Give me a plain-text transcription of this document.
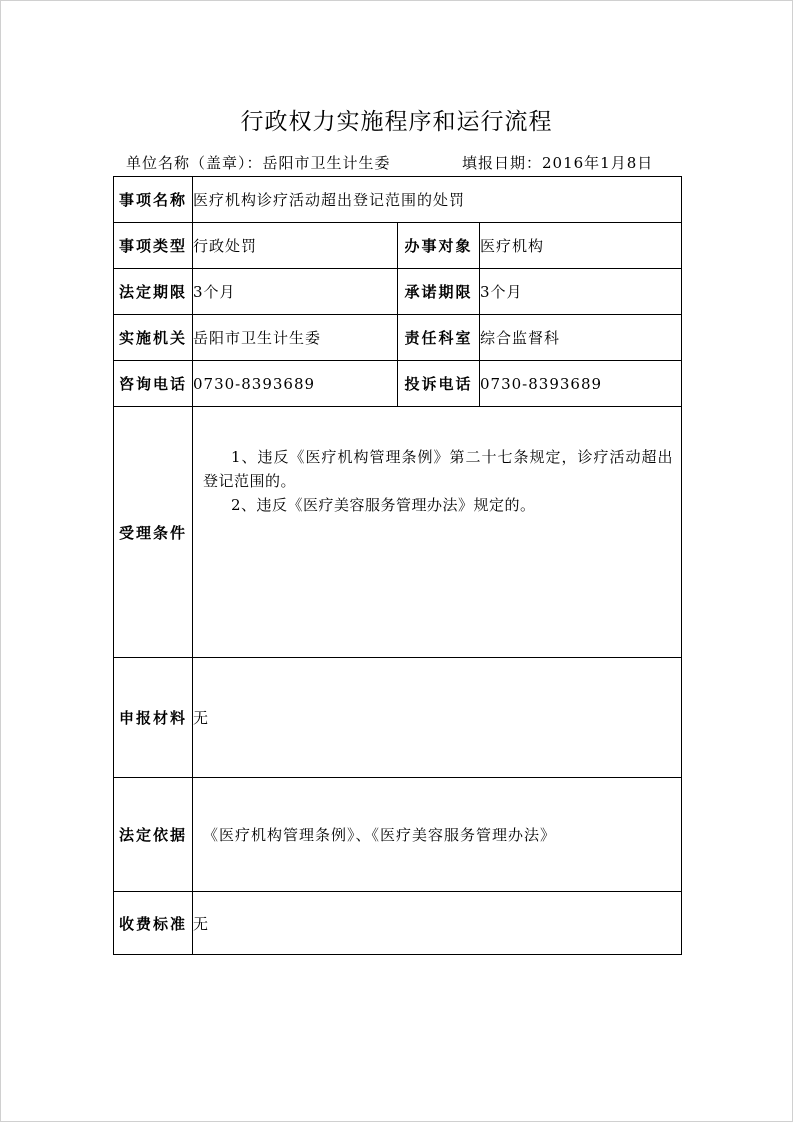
行政权力实施程序和运行流程
单位名称（盖章）：岳阳市卫生计生委	填报日期：2016年1月8日
事项名称	医疗机构诊疗活动超出登记范围的处罚		
事项类型	行政处罚	办事对象	医疗机构
法定期限	3个月	承诺期限	3个月
实施机关	岳阳市卫生计生委	责任科室	综合监督科
咨询电话	0730-8393689	投诉电话	0730-8393689
受理条件	1、违反《医疗机构管理条例》第二十七条规定，诊疗活动超出登记范围的。

2、违反《医疗美容服务管理办法》规定的。		

申报材料	无		
法定依据	《医疗机构管理条例》、《医疗美容服务管理办法》		
收费标准	无		
